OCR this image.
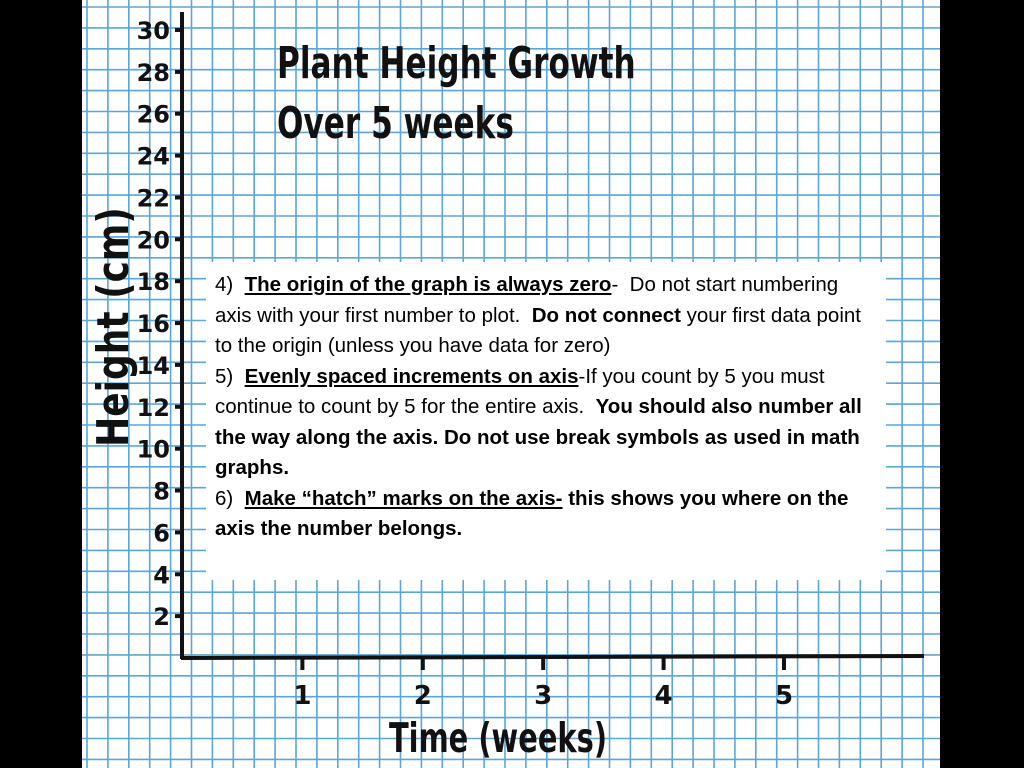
2
4
6
8
10
12
14
16
18
20
22
24
26
28
30
1	2	3	4	5
Plant Height Growth Over 5 weeks
Height (cm)
Time (weeks)

4) The origin of the graph is always zero- Do not start numbering axis with your first number to plot. Do not connect your first data point to the origin (unless you have data for zero)

5) Evenly spaced increments on axis-If you count by 5 you must continue to count by 5 for the entire axis. You should also number all the way along the axis. Do not use break symbols as used in math graphs.

6) Make “hatch” marks on the axis- this shows you where on the axis the number belongs.
